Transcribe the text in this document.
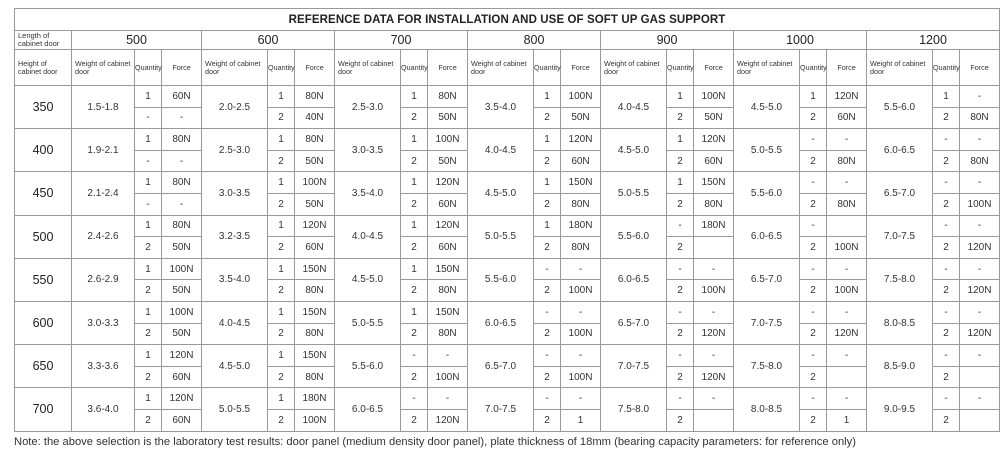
REFERENCE DATA FOR INSTALLATION AND USE OF SOFT UP GAS SUPPORT																					
Length of cabinet door	500			600			700			800			900			1000			1200		
Height of cabinet door	Weight of cabinet door	Quantity	Force	Weight of cabinet door	Quantity	Force	Weight of cabinet door	Quantity	Force	Weight of cabinet door	Quantity	Force	Weight of cabinet door	Quantity	Force	Weight of cabinet door	Quantity	Force	Weight of cabinet door	Quantity	Force
350	1.5-1.8	1	60N	2.0-2.5	1	80N	2.5-3.0	1	80N	3.5-4.0	1	100N	4.0-4.5	1	100N	4.5-5.0	1	120N	5.5-6.0	1	-
		-	-		2	40N		2	50N		2	50N		2	50N		2	60N		2	80N
400	1.9-2.1	1	80N	2.5-3.0	1	80N	3.0-3.5	1	100N	4.0-4.5	1	120N	4.5-5.0	1	120N	5.0-5.5	-	-	6.0-6.5	-	-
		-	-		2	50N		2	50N		2	60N		2	60N		2	80N		2	80N
450	2.1-2.4	1	80N	3.0-3.5	1	100N	3.5-4.0	1	120N	4.5-5.0	1	150N	5.0-5.5	1	150N	5.5-6.0	-	-	6.5-7.0	-	-
		-	-		2	50N		2	60N		2	80N		2	80N		2	80N		2	100N
500	2.4-2.6	1	80N	3.2-3.5	1	120N	4.0-4.5	1	120N	5.0-5.5	1	180N	5.5-6.0	-	180N	6.0-6.5	-		7.0-7.5	-	-
		2	50N		2	60N		2	60N		2	80N		2			2	100N		2	120N
550	2.6-2.9	1	100N	3.5-4.0	1	150N	4.5-5.0	1	150N	5.5-6.0	-	-	6.0-6.5	-	-	6.5-7.0	-	-	7.5-8.0	-	-
		2	50N		2	80N		2	80N		2	100N		2	100N		2	100N		2	120N
600	3.0-3.3	1	100N	4.0-4.5	1	150N	5.0-5.5	1	150N	6.0-6.5	-	-	6.5-7.0	-	-	7.0-7.5	-	-	8.0-8.5	-	-
		2	50N		2	80N		2	80N		2	100N		2	120N		2	120N		2	120N
650	3.3-3.6	1	120N	4.5-5.0	1	150N	5.5-6.0	-	-	6.5-7.0	-	-	7.0-7.5	-	-	7.5-8.0	-	-	8.5-9.0	-	-
		2	60N		2	80N		2	100N		2	100N		2	120N		2			2	
700	3.6-4.0	1	120N	5.0-5.5	1	180N	6.0-6.5	-	-	7.0-7.5	-	-	7.5-8.0	-	-	8.0-8.5	-	-	9.0-9.5	-	-
		2	60N		2	100N		2	120N		2	1		2			2	1		2	
Note: the above selection is the laboratory test results: door panel (medium density door panel), plate thickness of 18mm (bearing capacity parameters: for reference only)
